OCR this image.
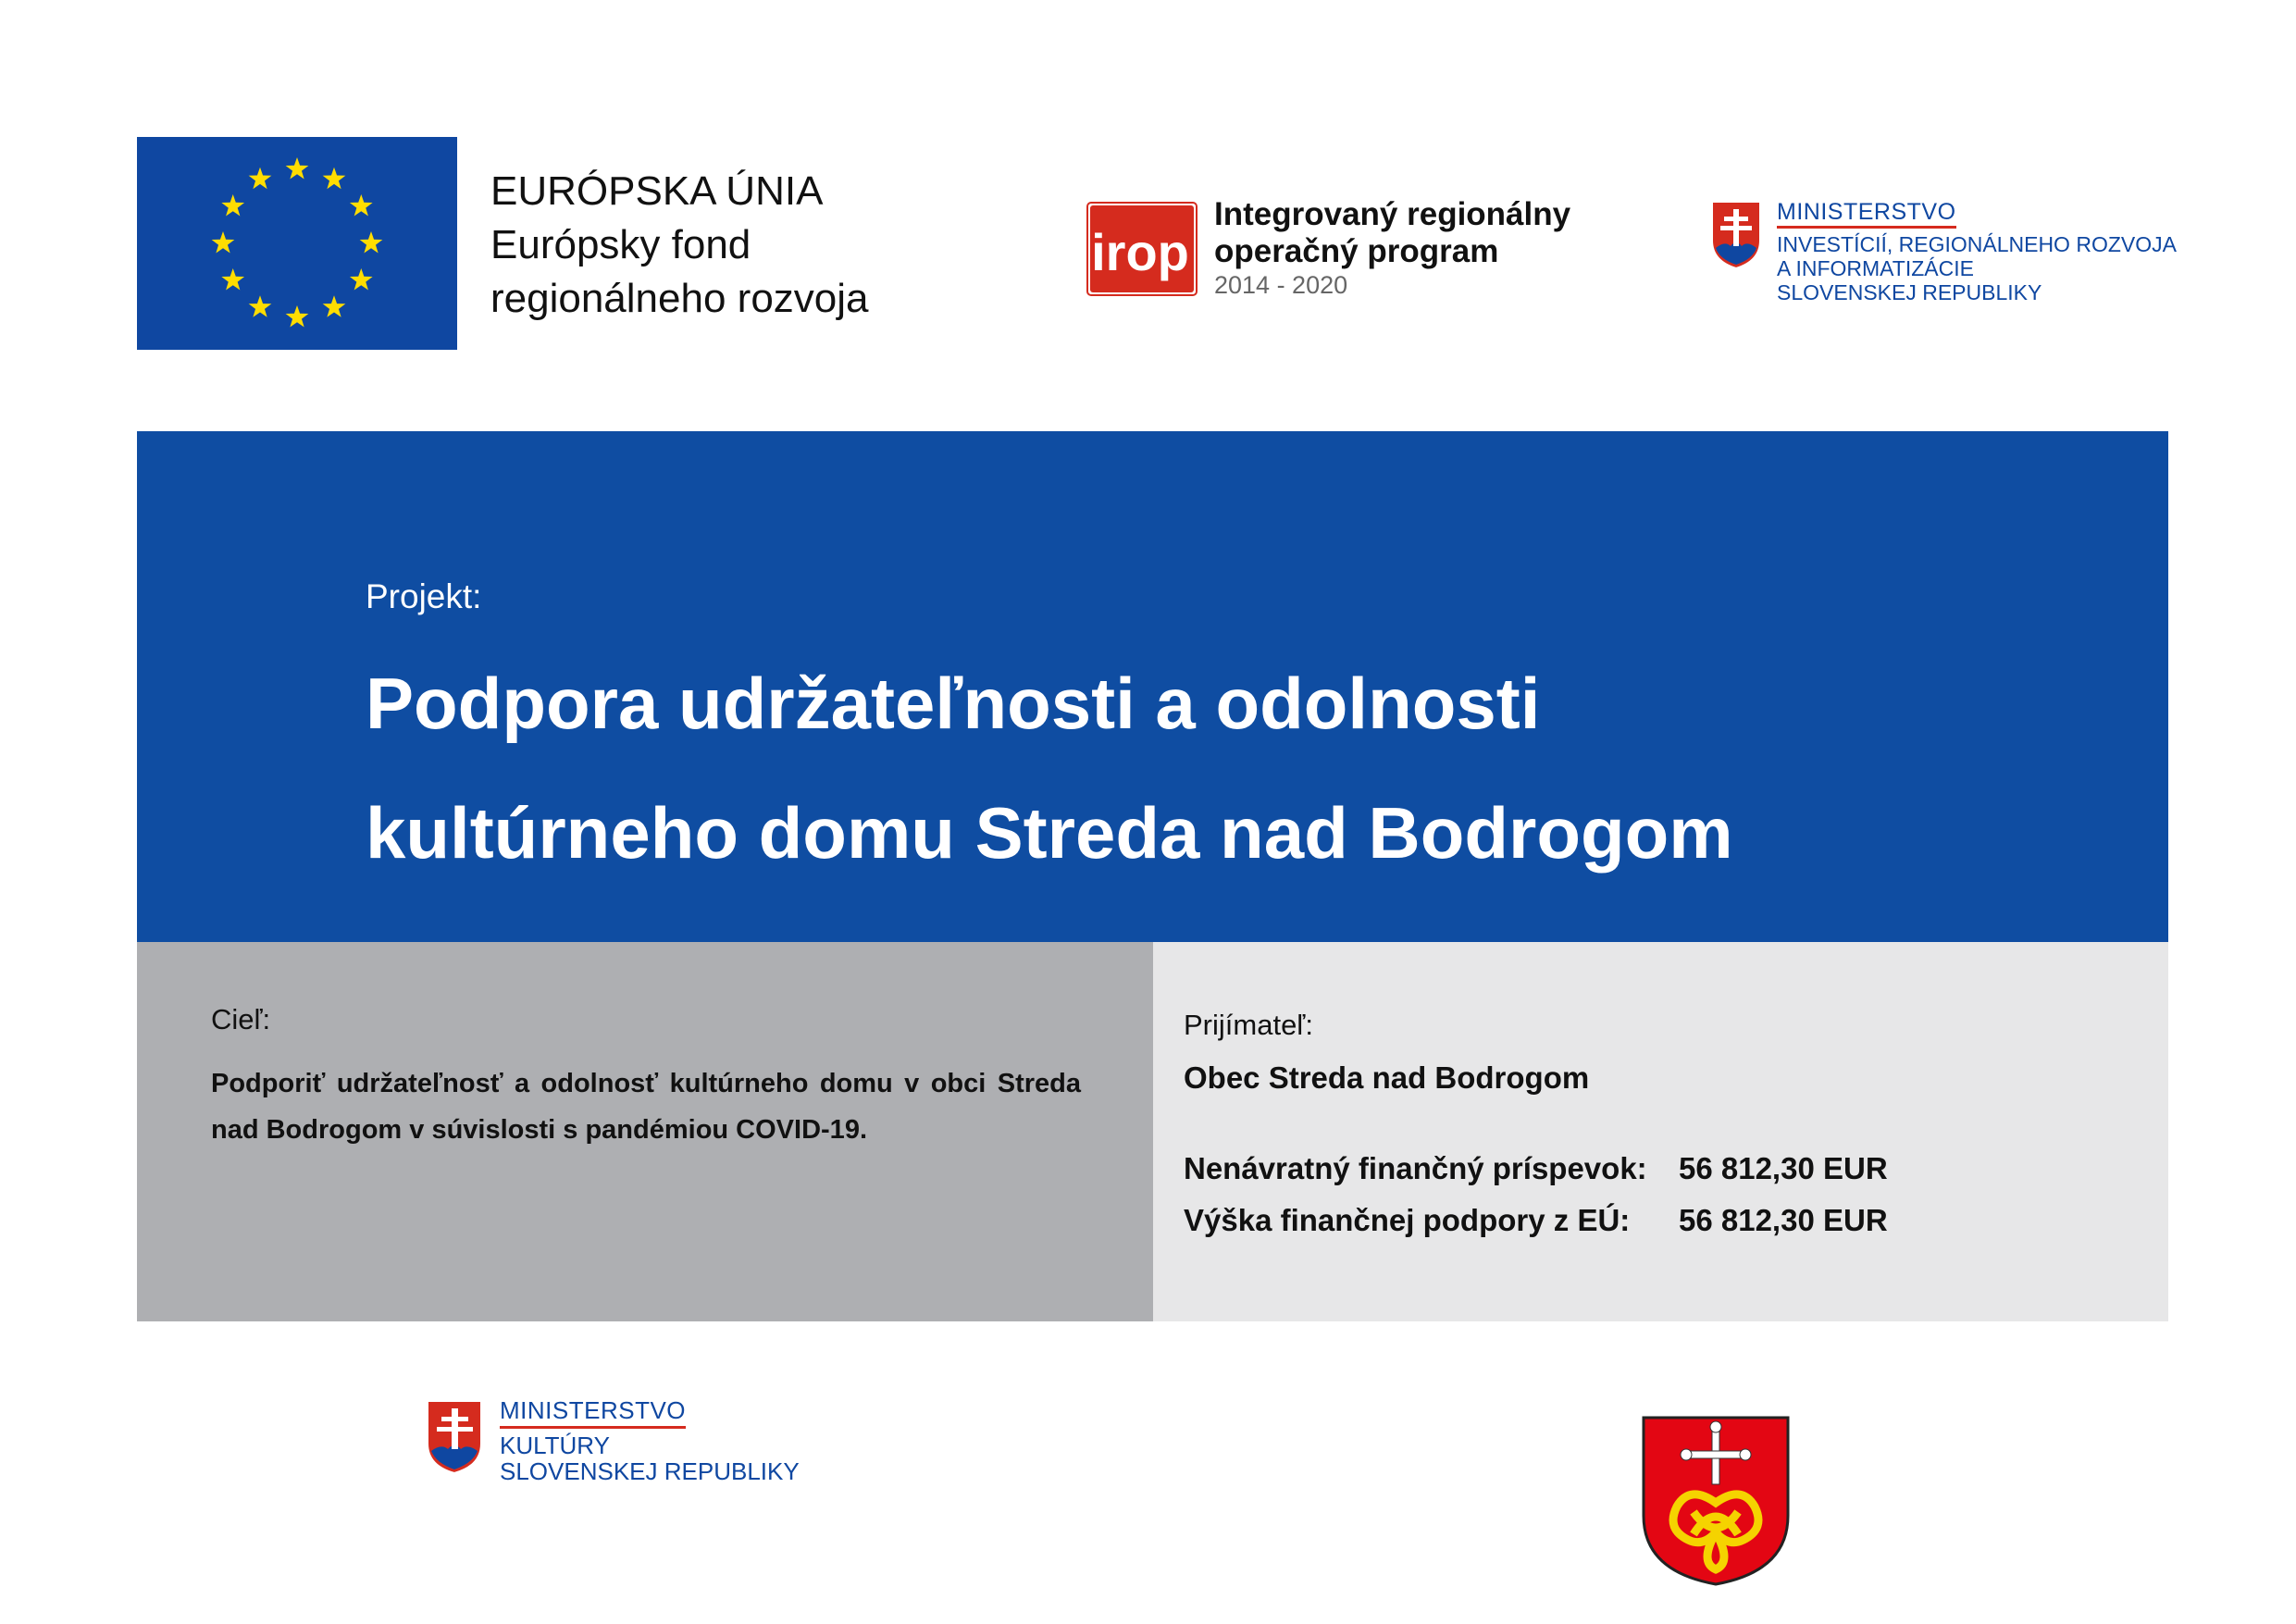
EURÓPSKA ÚNIA
Európsky fond
regionálneho rozvoja
irop
Integrovaný regionálny
operačný program
2014 - 2020
MINISTERSTVO
INVESTÍCIÍ, REGIONÁLNEHO ROZVOJA
A INFORMATIZÁCIE
SLOVENSKEJ REPUBLIKY
Projekt:
Podpora udržateľnosti a odolnosti
kultúrneho domu Streda nad Bodrogom
Cieľ:
Podporiť udržateľnosť a odolnosť kultúrneho domu v obci Streda nad Bodrogom v súvislosti s pandémiou COVID-19.
Prijímateľ:
Obec Streda nad Bodrogom
Nenávratný finančný príspevok: 56 812,30 EUR
Výška finančnej podpory z EÚ: 56 812,30 EUR
MINISTERSTVO
KULTÚRY
SLOVENSKEJ REPUBLIKY
